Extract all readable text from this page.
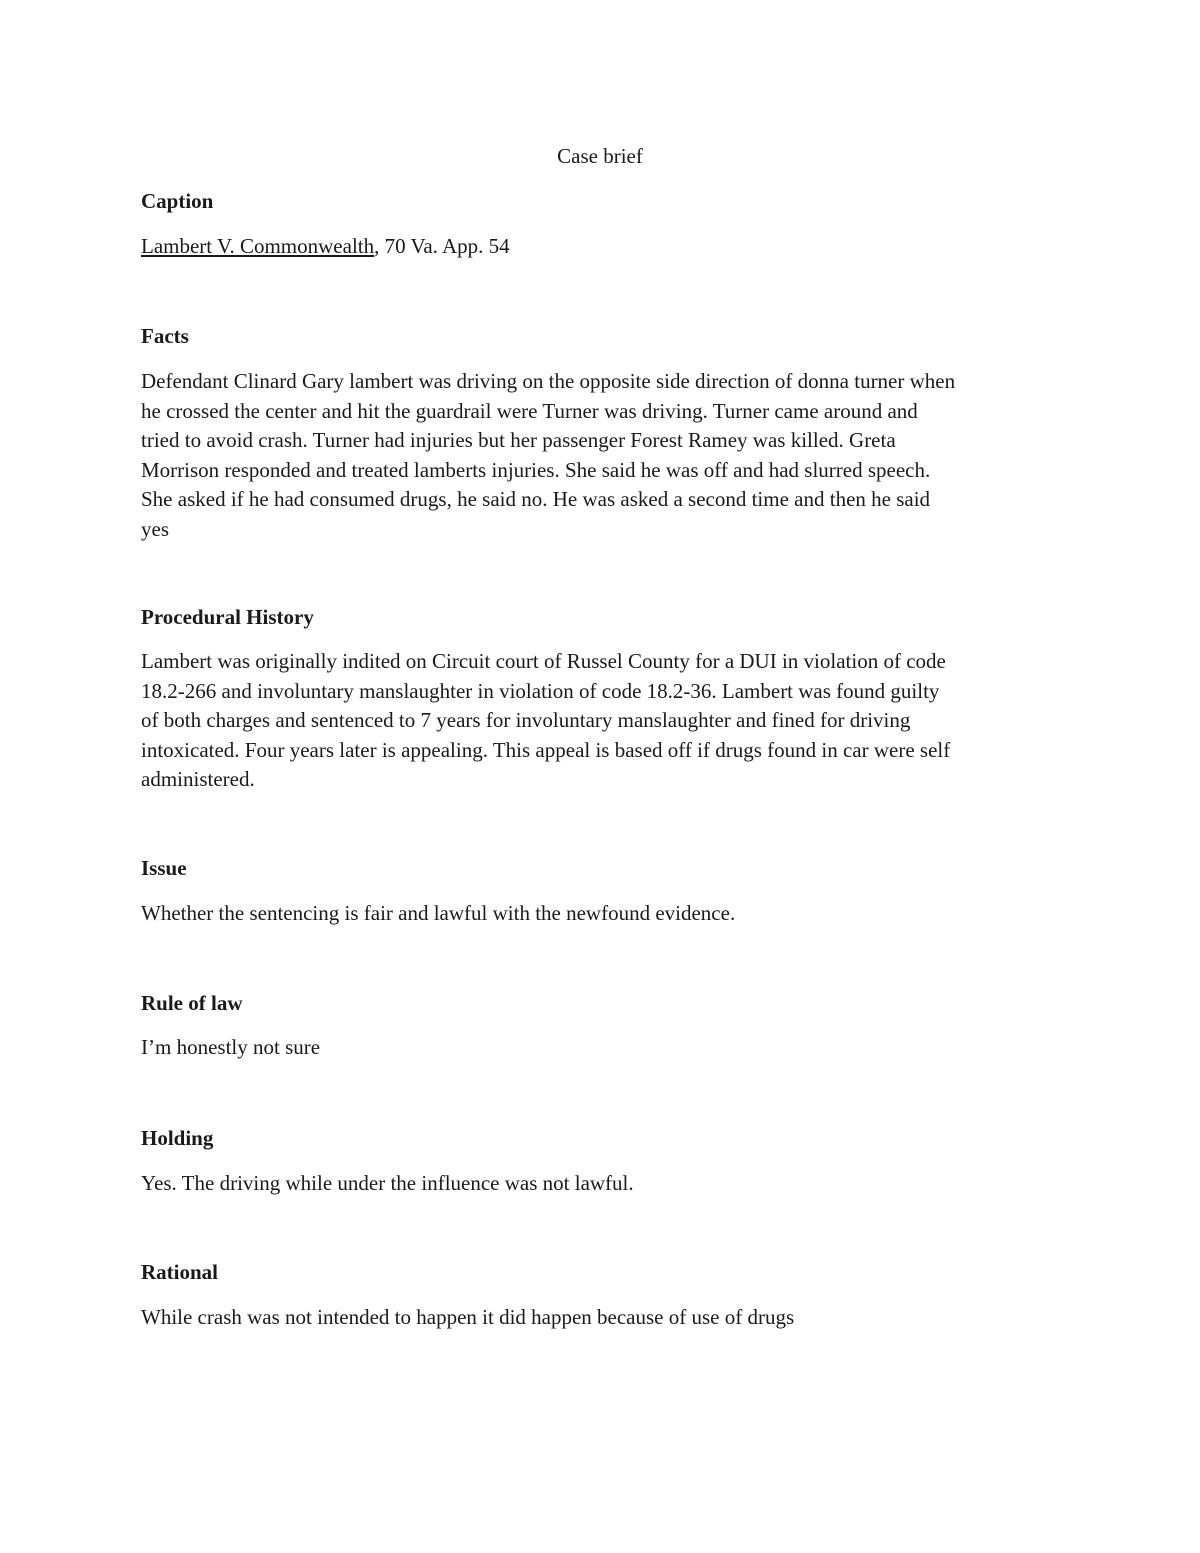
Case brief
Caption
Lambert V. Commonwealth, 70 Va. App. 54
Facts
Defendant Clinard Gary lambert was driving on the opposite side direction of donna turner when
he crossed the center and hit the guardrail were Turner was driving. Turner came around and
tried to avoid crash. Turner had injuries but her passenger Forest Ramey was killed. Greta
Morrison responded and treated lamberts injuries. She said he was off and had slurred speech.
She asked if he had consumed drugs, he said no. He was asked a second time and then he said
yes
Procedural History
Lambert was originally indited on Circuit court of Russel County for a DUI in violation of code
18.2-266 and involuntary manslaughter in violation of code 18.2-36. Lambert was found guilty
of both charges and sentenced to 7 years for involuntary manslaughter and fined for driving
intoxicated. Four years later is appealing. This appeal is based off if drugs found in car were self
administered.
Issue
Whether the sentencing is fair and lawful with the newfound evidence.
Rule of law
I’m honestly not sure
Holding
Yes. The driving while under the influence was not lawful.
Rational
While crash was not intended to happen it did happen because of use of drugs
